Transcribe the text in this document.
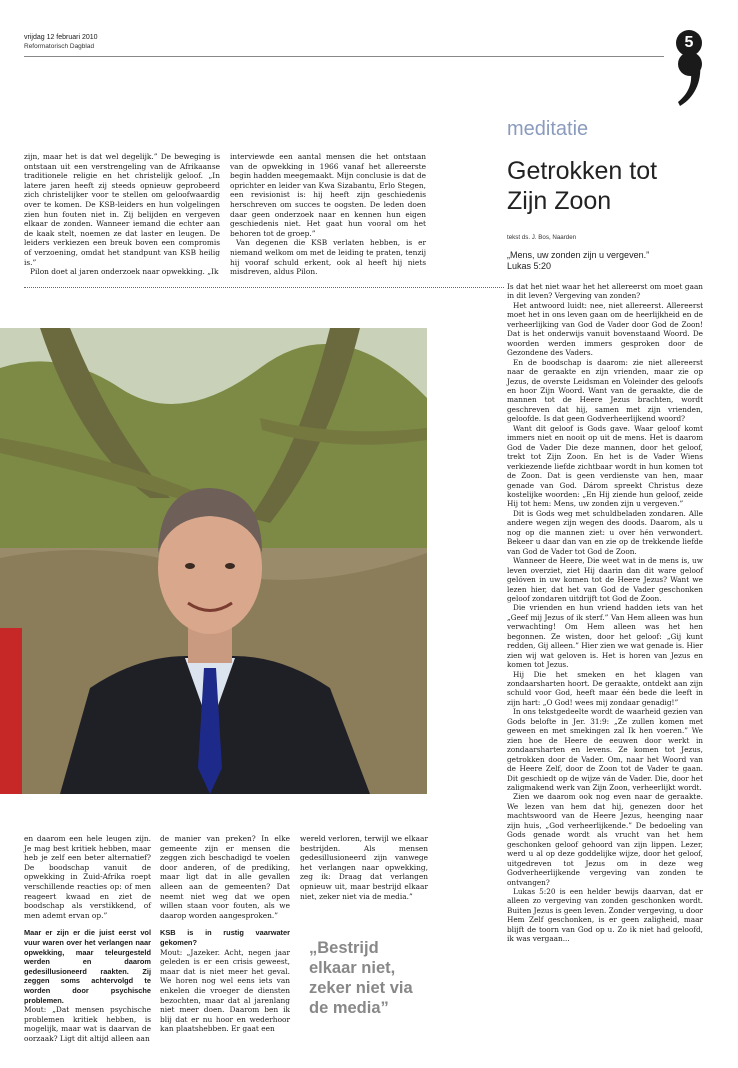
vrijdag 12 februari 2010
Reformatorisch Dagblad	5

zijn, maar het is dat wel degelijk.” De beweging is ontstaan uit een verstrengeling van de Afrikaanse traditionele religie en het christelijk geloof. „In latere jaren heeft zij steeds opnieuw geprobeerd zich christelijker voor te stellen om geloofwaardig over te komen. De KSB-leiders en hun volgelingen zien hun fouten niet in. Zij belijden en vergeven elkaar de zonden. Wanneer iemand die echter aan de kaak stelt, noemen ze dat laster en leugen. De leiders verkiezen een breuk boven een compromis of verzoening, omdat het standpunt van KSB heilig is.”

Pilon doet al jaren onderzoek naar opwekking. „Ik

interviewde een aantal mensen die het ontstaan van de opwekking in 1966 vanaf het allereerste begin hadden meegemaakt. Mijn conclusie is dat de oprichter en leider van Kwa Sizabantu, Erlo Stegen, een revisionist is: hij heeft zijn geschiedenis herschreven om succes te oogsten. De leden doen daar geen onderzoek naar en kennen hun eigen geschiedenis niet. Het gaat hun vooral om het behoren tot de groep.”

Van degenen die KSB verlaten hebben, is er niemand welkom om met de leiding te praten, tenzij hij vooraf schuld erkent, ook al heeft hij niets misdreven, aldus Pilon.

en daarom een hele leugen zijn. Je mag best kritiek hebben, maar heb je zelf een beter alternatief? De boodschap vanuit de opwekking in Zuid-Afrika roept verschillende reacties op: of men reageert kwaad en ziet de boodschap als verstikkend, of men ademt ervan op.”

Maar er zijn er die juist eerst vol vuur waren over het verlangen naar opwekking, maar teleurgesteld werden en daarom gedesillusioneerd raakten. Zij zeggen soms achtervolgd te worden door psychische problemen.

Mout: „Dat mensen psychische problemen kritiek hebben, is mogelijk, maar wat is daarvan de oorzaak? Ligt dit altijd alleen aan

de manier van preken? In elke gemeente zijn er mensen die zeggen zich beschadigd te voelen door anderen, of de prediking, maar ligt dat in alle gevallen alleen aan de gemeenten? Dat neemt niet weg dat we open willen staan voor fouten, als we daarop worden aangesproken.”

KSB is in rustig vaarwater gekomen?

Mout: „Jazeker. Acht, negen jaar geleden is er een crisis geweest, maar dat is niet meer het geval. We horen nog wel eens iets van enkelen die vroeger de diensten bezochten, maar dat al jarenlang niet meer doen. Daarom ben ik blij dat er nu hoor en wederhoor kan plaatshebben. Er gaat een

wereld verloren, terwijl we elkaar bestrijden. Als mensen gedesillusioneerd zijn vanwege het verlangen naar opwekking, zeg ik: Draag dat verlangen opnieuw uit, maar bestrijd elkaar niet, zeker niet via de media.”

„Bestrijd elkaar niet, zeker niet via de media”
meditatie
Getrokken tot
Zijn Zoon
tekst ds. J. Bos, Naarden
„Mens, uw zonden zijn u vergeven.”
Lukas 5:20

Is dat het niet waar het het allereerst om moet gaan in dit leven? Vergeving van zonden?

Het antwoord luidt: nee, niet allereerst. Allereerst moet het in ons leven gaan om de heerlijkheid en de verheerlijking van God de Vader door God de Zoon! Dat is het onderwijs vanuit bovenstaand Woord. De woorden werden immers gesproken door de Gezondene des Vaders.

En de boodschap is daarom: zie niet allereerst naar de geraakte en zijn vrienden, maar zie op Jezus, de overste Leidsman en Voleinder des geloofs en hoor Zijn Woord. Want van de geraakte, die de mannen tot de Heere Jezus brachten, wordt geschreven dat hij, samen met zijn vrienden, geloofde. Is dat geen Godverheerlijkend woord?

Want dit geloof is Gods gave. Waar geloof komt immers niet en nooit op uit de mens. Het is daarom God de Vader Die deze mannen, door het geloof, trekt tot Zijn Zoon. En het is de Vader Wiens verkiezende liefde zichtbaar wordt in hun komen tot de Zoon. Dat is geen verdienste van hen, maar genade van God. Dárom spreekt Christus deze kostelijke woorden: „En Hij ziende hun geloof, zeide Hij tot hem: Mens, uw zonden zijn u vergeven.”

Dit is Gods weg met schuldbeladen zondaren. Alle andere wegen zijn wegen des doods. Daarom, als u nog op die mannen ziet: u over hén verwondert. Bekeer u daar dan van en zie op de trekkende liefde van God de Vader tot God de Zoon.

Wanneer de Heere, Die weet wat in de mens is, uw leven overziet, ziet Hij daarin dan dit ware geloof gelóven in uw komen tot de Heere Jezus? Want we lezen hier, dat het van God de Vader geschonken geloof zondaren uitdrijft tot God de Zoon.

Die vrienden en hun vriend hadden iets van het „Geef mij Jezus of ik sterf.” Van Hem alleen was hun verwachting! Om Hem alleen was het hen begonnen. Ze wisten, door het geloof: „Gij kunt redden, Gij alleen.” Hier zien we wat genade is. Hier zien wij wat geloven is. Het is horen van Jezus en komen tot Jezus.

Hij Die het smeken en het klagen van zondaarsharten hoort. De geraakte, ontdekt aan zijn schuld voor God, heeft maar één bede die leeft in zijn hart: „O God! wees mij zondaar genadig!”

In ons tekstgedeelte wordt de waarheid gezien van Gods belofte in Jer. 31:9: „Ze zullen komen met geween en met smekingen zal Ik hen voeren.” We zien hoe de Heere de eeuwen door werkt in zondaarsharten en levens. Ze komen tot Jezus, getrokken door de Vader. Om, naar het Woord van de Heere Zelf, door de Zoon tot de Vader te gaan. Dit geschiedt op de wijze ván de Vader. Die, door het zaligmakend werk van Zijn Zoon, verheerlijkt wordt.

Zien we daarom ook nog even naar de geraakte. We lezen van hem dat hij, genezen door het machtswoord van de Heere Jezus, heenging naar zijn huis, „God verheerlijkende.” De bedoeling van Gods genade wordt als vrucht van het hem geschonken geloof gehoord van zijn lippen. Lezer, werd u al op deze goddelijke wijze, door het geloof, uitgedreven tot Jezus om in deze weg Godverheerlijkende vergeving van zonden te ontvangen?

Lukas 5:20 is een helder bewijs daarvan, dat er alleen zo vergeving van zonden geschonken wordt. Buiten Jezus is geen leven. Zonder vergeving, u door Hem Zelf geschonken, is er geen zaligheid, maar blijft de toorn van God op u. Zo ik niet had geloofd, ik was vergaan...
